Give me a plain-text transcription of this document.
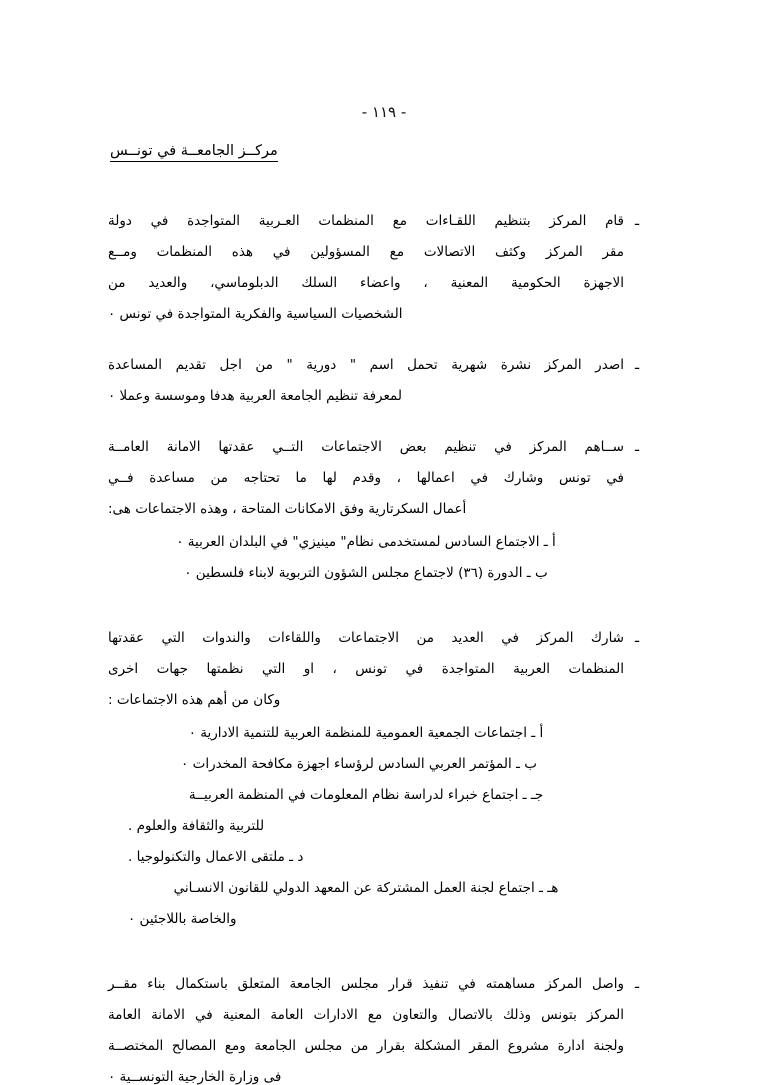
- ١١٩ -
مركــز الجامعــة في تونــس
ـ
قام المركز بتنظيم اللقـاءات مع المنظمات العـربية المتواجدة في دولة
مقر المركز وكثف الاتصالات مع المسؤولين في هذه المنظمات ومــع
الاجهزة الحكومية المعنية ، واعضاء السلك الدبلوماسي، والعديد من
الشخصيات السياسية والفكرية المتواجدة في تونس ٠
ـ
اصدر المركز نشرة شهرية تحمل اسم " دورية " من اجل تقديم المساعدة
لمعرفة تنظيم الجامعة العربية هدفا وموسسة وعملا ٠
ـ
ســاهم المركز في تنظيم بعض الاجتماعات التــي عقدتها الامانة العامــة
في تونس وشارك في اعمالها ، وقدم لها ما تحتاجه من مساعدة فــي
أعمال السكرتارية وفق الامكانات المتاحة ، وهذه الاجتماعات هى:
أ ـ الاجتماع السادس لمستخدمى نظام" مينيزي" في البلدان العربية ٠
ب ـ الدورة (٣٦) لاجتماع مجلس الشؤون التربوية لابناء فلسطين ٠
ـ
شارك المركز في العديد من الاجتماعات واللقاءات والندوات التي عقدتها
المنظمات العربية المتواجدة في تونس ، او التي نظمتها جهات اخرى
وكان من أهم هذه الاجتماعات :
أ ـ اجتماعات الجمعية العمومية للمنظمة العربية للتنمية الادارية ٠
ب ـ المؤتمر العربي السادس لرؤساء اجهزة مكافحة المخدرات ٠
جـ ـ اجتماع خبراء لدراسة نظام المعلومات في المنظمة العربيــة
للتربية والثقافة والعلوم .
د ـ ملتقى الاعمال والتكنولوجيا .
هـ ـ اجتماع لجنة العمل المشتركة عن المعهد الدولي للقانون الانسـاني
والخاصة باللاجئين ٠
ـ
واصل المركز مساهمته في تنفيذ قرار مجلس الجامعة المتعلق باستكمال بناء مقــر
المركز بتونس وذلك بالاتصال والتعاون مع الادارات العامة المعنية في الامانة العامة
ولجنة ادارة مشروع المقر المشكلة بقرار من مجلس الجامعة ومع المصالح المختصــة
فى وزارة الخارجية التونســية ٠
